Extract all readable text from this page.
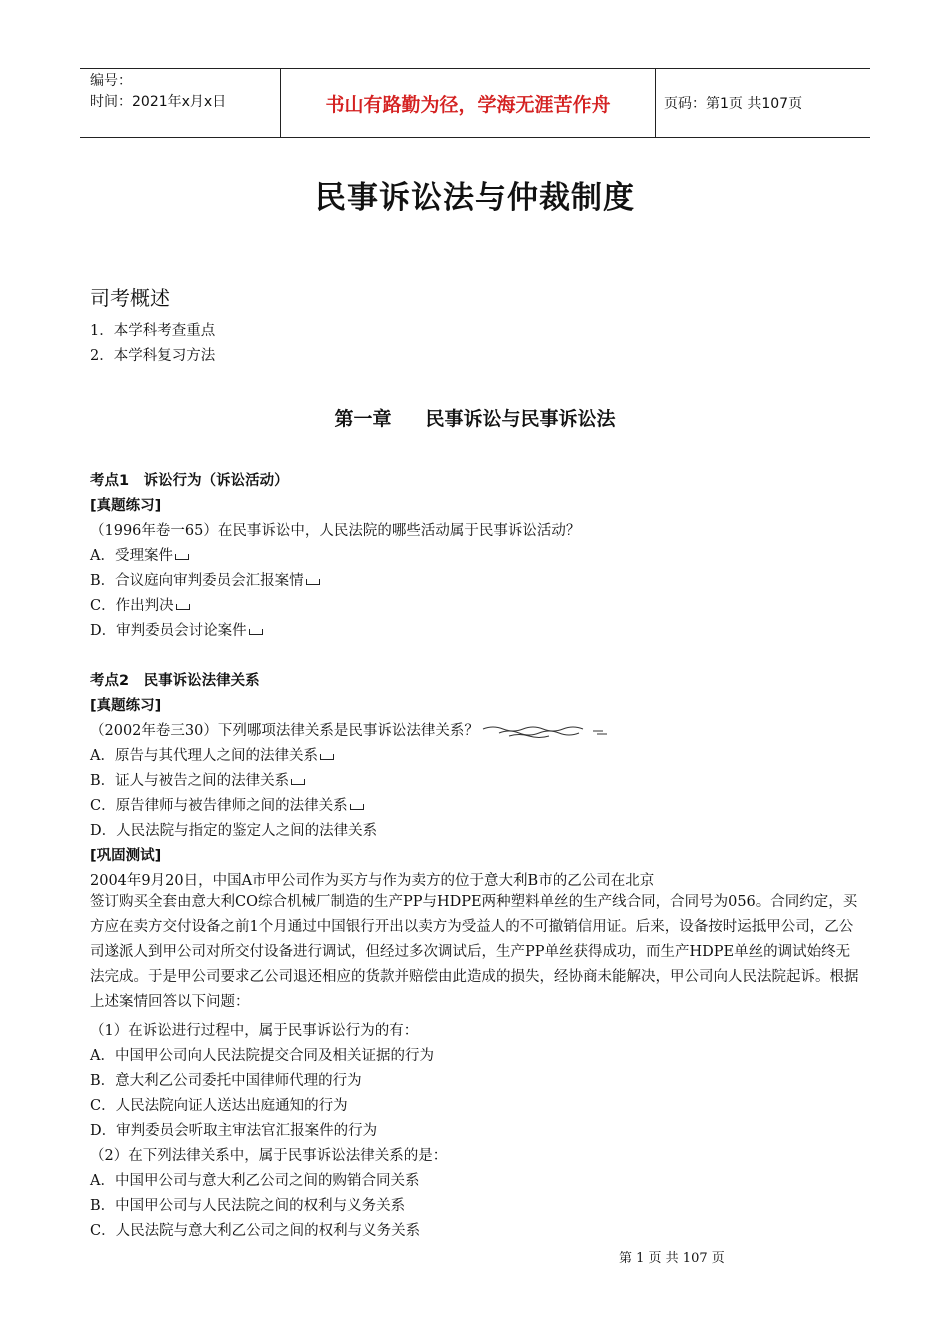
编号：
时间：2021年x月x日	书山有路勤为径，学海无涯苦作舟	页码：第1页 共107页
民事诉讼法与仲裁制度
司考概述
1．本学科考查重点
2．本学科复习方法
第一章 民事诉讼与民事诉讼法
考点1　诉讼行为（诉讼活动）
[真题练习]
（1996年卷一65）在民事诉讼中，人民法院的哪些活动属于民事诉讼活动？
A．受理案件
B．合议庭向审判委员会汇报案情
C．作出判决
D．审判委员会讨论案件
考点2　民事诉讼法律关系
[真题练习]
（2002年卷三30）下列哪项法律关系是民事诉讼法律关系？
A．原告与其代理人之间的法律关系
B．证人与被告之间的法律关系
C．原告律师与被告律师之间的法律关系
D．人民法院与指定的鉴定人之间的法律关系
[巩固测试]
2004年9月20日，中国A市甲公司作为买方与作为卖方的位于意大利B市的乙公司在北京
签订购买全套由意大利CO综合机械厂制造的生产PP与HDPE两种塑料单丝的生产线合同，合同号为056。合同约定，买方应在卖方交付设备之前1个月通过中国银行开出以卖方为受益人的不可撤销信用证。后来，设备按时运抵甲公司，乙公司遂派人到甲公司对所交付设备进行调试，但经过多次调试后，生产PP单丝获得成功，而生产HDPE单丝的调试始终无法完成。于是甲公司要求乙公司退还相应的货款并赔偿由此造成的损失，经协商未能解决，甲公司向人民法院起诉。根据上述案情回答以下问题：
（1）在诉讼进行过程中，属于民事诉讼行为的有：
A．中国甲公司向人民法院提交合同及相关证据的行为
B．意大利乙公司委托中国律师代理的行为
C．人民法院向证人送达出庭通知的行为
D．审判委员会听取主审法官汇报案件的行为
（2）在下列法律关系中，属于民事诉讼法律关系的是：
A．中国甲公司与意大利乙公司之间的购销合同关系
B．中国甲公司与人民法院之间的权利与义务关系
C．人民法院与意大利乙公司之间的权利与义务关系
第 1 页 共 107 页
